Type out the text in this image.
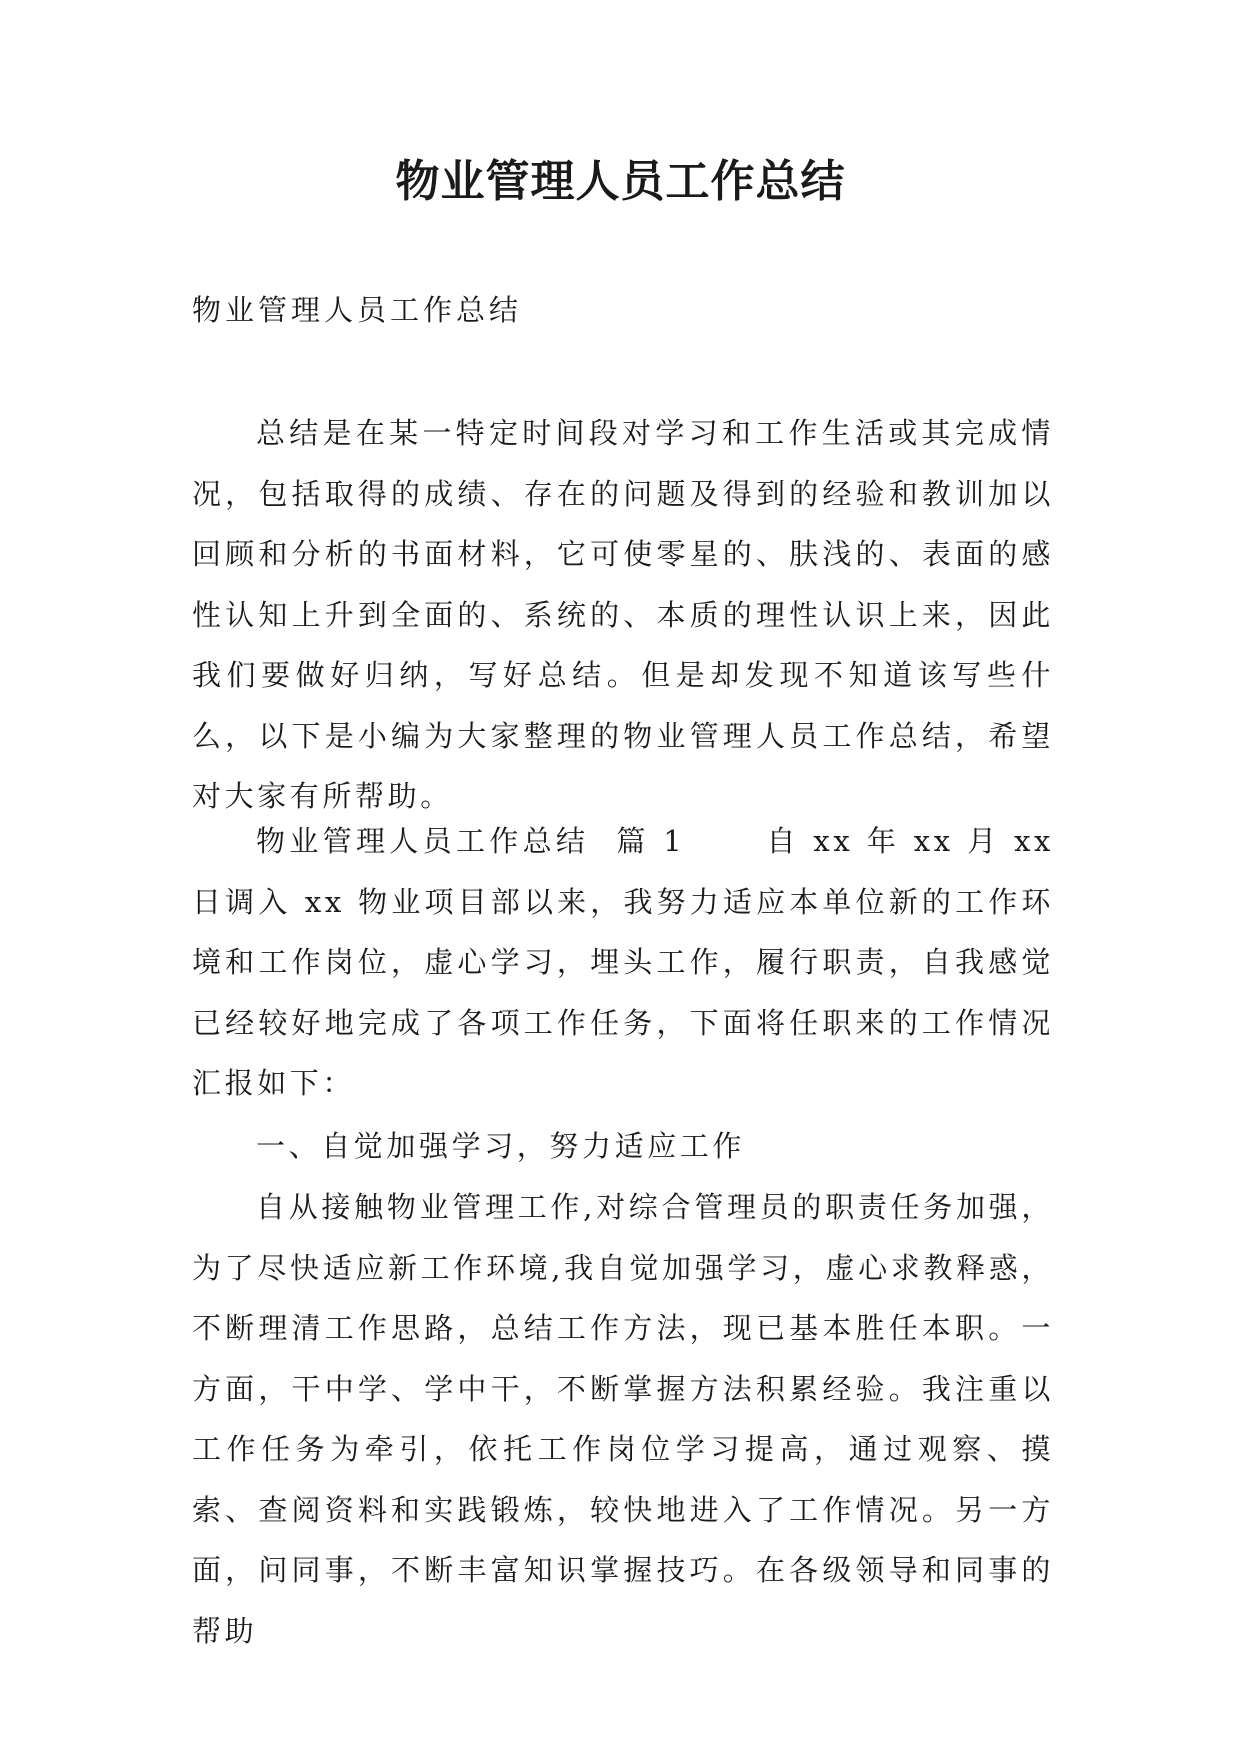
物业管理人员工作总结

物业管理人员工作总结

总结是在某一特定时间段对学习和工作生活或其完成情况，包括取得的成绩、存在的问题及得到的经验和教训加以回顾和分析的书面材料，它可使零星的、肤浅的、表面的感性认知上升到全面的、系统的、本质的理性认识上来，因此我们要做好归纳，写好总结。但是却发现不知道该写些什么，以下是小编为大家整理的物业管理人员工作总结，希望对大家有所帮助。

物业管理人员工作总结  篇 1      自 xx 年 xx 月 xx 日调入 xx 物业项目部以来，我努力适应本单位新的工作环境和工作岗位，虚心学习，埋头工作，履行职责，自我感觉已经较好地完成了各项工作任务，下面将任职来的工作情况汇报如下：

一、自觉加强学习，努力适应工作

自从接触物业管理工作,对综合管理员的职责任务加强，为了尽快适应新工作环境,我自觉加强学习，虚心求教释惑，不断理清工作思路，总结工作方法，现已基本胜任本职。一方面，干中学、学中干，不断掌握方法积累经验。我注重以工作任务为牵引，依托工作岗位学习提高，通过观察、摸索、查阅资料和实践锻炼，较快地进入了工作情况。另一方面，问同事，不断丰富知识掌握技巧。在各级领导和同事的帮助
